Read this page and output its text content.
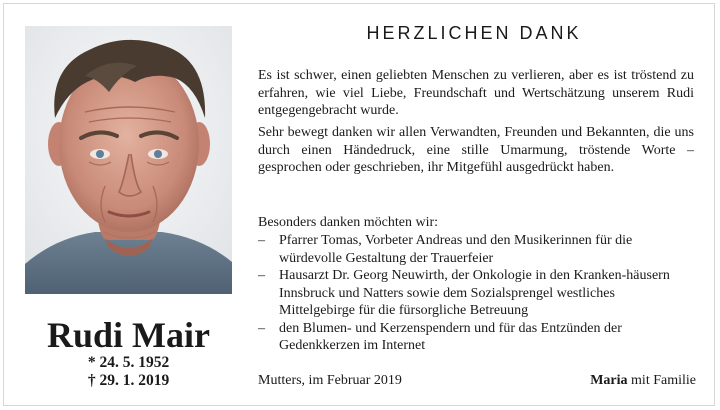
Rudi Mair
* 24. 5. 1952
† 29. 1. 2019
HERZLICHEN DANK
Es ist schwer, einen geliebten Menschen zu verlieren, aber es ist tröstend zu erfahren, wie viel Liebe, Freundschaft und Wertschätzung unserem Rudi entgegengebracht wurde.
Sehr bewegt danken wir allen Verwandten, Freunden und Bekannten, die uns durch einen Händedruck, eine stille Umarmung, tröstende Worte – gesprochen oder geschrieben, ihr Mitgefühl ausgedrückt haben.
Besonders danken möchten wir:
– Pfarrer Tomas, Vorbeter Andreas und den Musikerinnen für die würdevolle Gestaltung der Trauerfeier
– Hausarzt Dr. Georg Neuwirth, der Onkologie in den Kranken-häusern Innsbruck und Natters sowie dem Sozialsprengel westliches Mittelgebirge für die fürsorgliche Betreuung
– den Blumen- und Kerzenspendern und für das Entzünden der Gedenkkerzen im Internet
Mutters, im Februar 2019	Maria mit Familie
